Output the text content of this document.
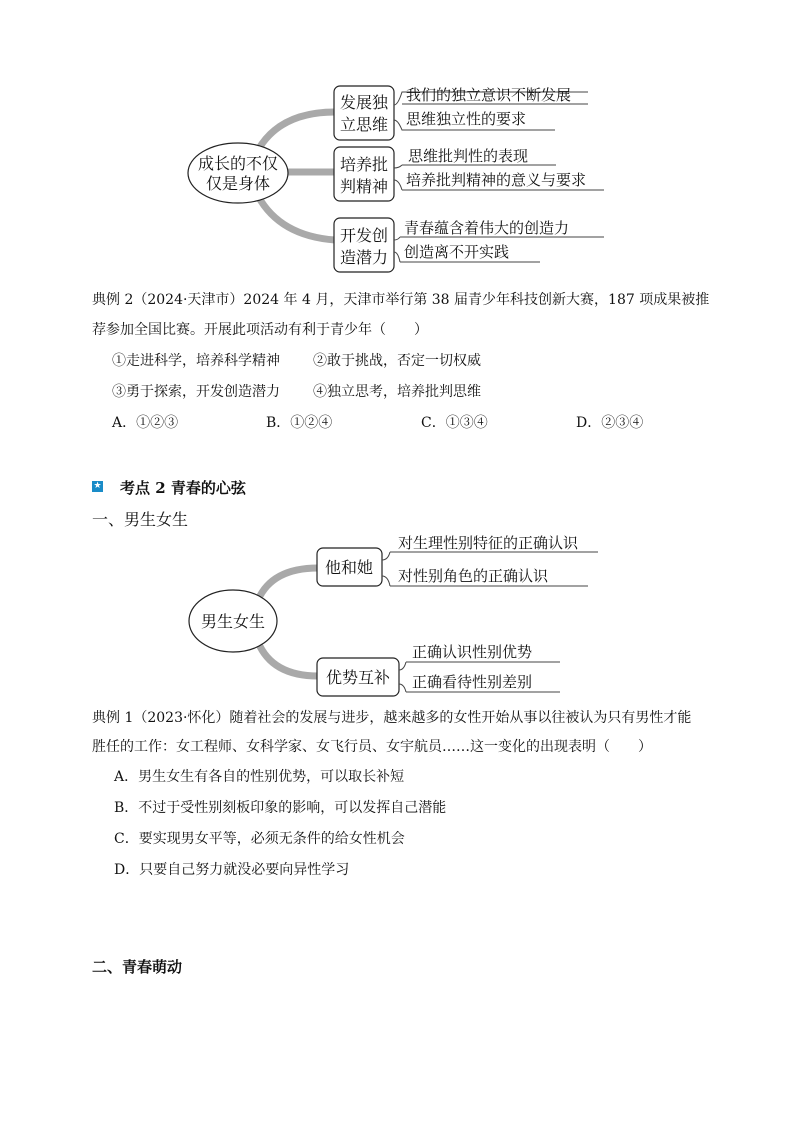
成长的不仅
仅是身体
发展独
立思维
我们的独立意识不断发展
思维独立性的要求
培养批
判精神
思维批判性的表现
培养批判精神的意义与要求
开发创
造潜力
青春蕴含着伟大的创造力
创造离不开实践
男生女生
他和她
对生理性别特征的正确认识
对性别角色的正确认识
优势互补
正确认识性别优势
正确看待性别差别
典例 2（2024·天津市）2024 年 4 月，天津市举行第 38 届青少年科技创新大赛，187 项成果被推
荐参加全国比赛。开展此项活动有利于青少年（　　）
①走进科学，培养科学精神 ②敢于挑战，否定一切权威
③勇于探索，开发创造潜力 ④独立思考，培养批判思维
A．①②③	B．①②④	C．①③④	D．②③④
★ 考点 2 青春的心弦
一、男生女生
典例 1（2023·怀化）随着社会的发展与进步，越来越多的女性开始从事以往被认为只有男性才能
胜任的工作：女工程师、女科学家、女飞行员、女宇航员……这一变化的出现表明（　　）
A．男生女生有各自的性别优势，可以取长补短
B．不过于受性别刻板印象的影响，可以发挥自己潜能
C．要实现男女平等，必须无条件的给女性机会
D．只要自己努力就没必要向异性学习
二、青春萌动
